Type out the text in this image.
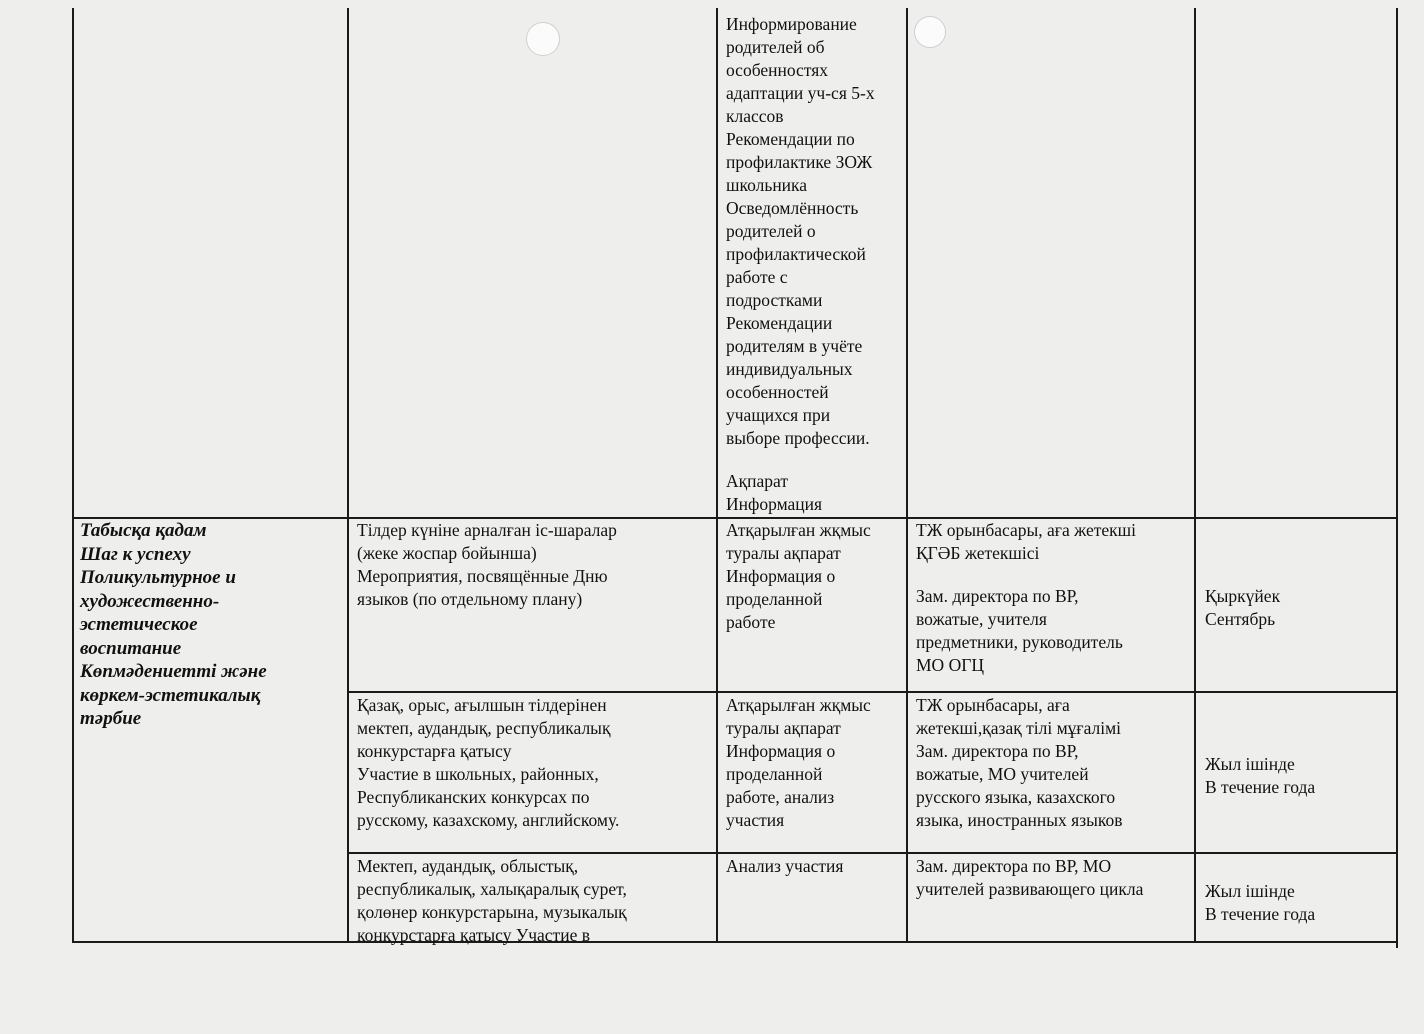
Информирование
родителей об
особенностях
адаптации уч-ся 5-х
классов
Рекомендации по
профилактике ЗОЖ
школьника
Осведомлённость
родителей о
профилактической
работе с
подростками
Рекомендации
родителям в учёте
индивидуальных
особенностей
учащихся при
выборе профессии.
Ақпарат
Информация
Табысқа қадам
Шаг к успеху
Поликультурное и
художественно-
эстетическое
воспитание
Көпмәдениетті және
көркем-эстетикалық
тәрбие
Тілдер күніне арналған іс-шаралар
(жеке жоспар бойынша)
Мероприятия, посвящённые Дню
языков (по отдельному плану)
Атқарылған жқмыс
туралы ақпарат
Информация о
проделанной
работе
ТЖ орынбасары, аға жетекші
ҚГӘБ жетекшісі
Зам. директора по ВР,
вожатые, учителя
предметники, руководитель
МО ОГЦ
Қыркүйек
Сентябрь
Қазақ, орыс, ағылшын тілдерінен
мектеп, аудандық, республикалық
конкурстарға қатысу
Участие в школьных, районных,
Республиканских конкурсах по
русскому, казахскому, английскому.
Атқарылған жқмыс
туралы ақпарат
Информация о
проделанной
работе, анализ
участия
ТЖ орынбасары, аға
жетекші,қазақ тілі мұғалімі
Зам. директора по ВР,
вожатые, МО учителей
русского языка, казахского
языка, иностранных языков
Жыл ішінде
В течение года
Мектеп, аудандық, облыстық,
республикалық, халықаралық сурет,
қолөнер конкурстарына, музыкалық
конкурстарға қатысу Участие в
Анализ участия	Зам. директора по ВР, МО
учителей развивающего цикла	Жыл ішінде
В течение года
